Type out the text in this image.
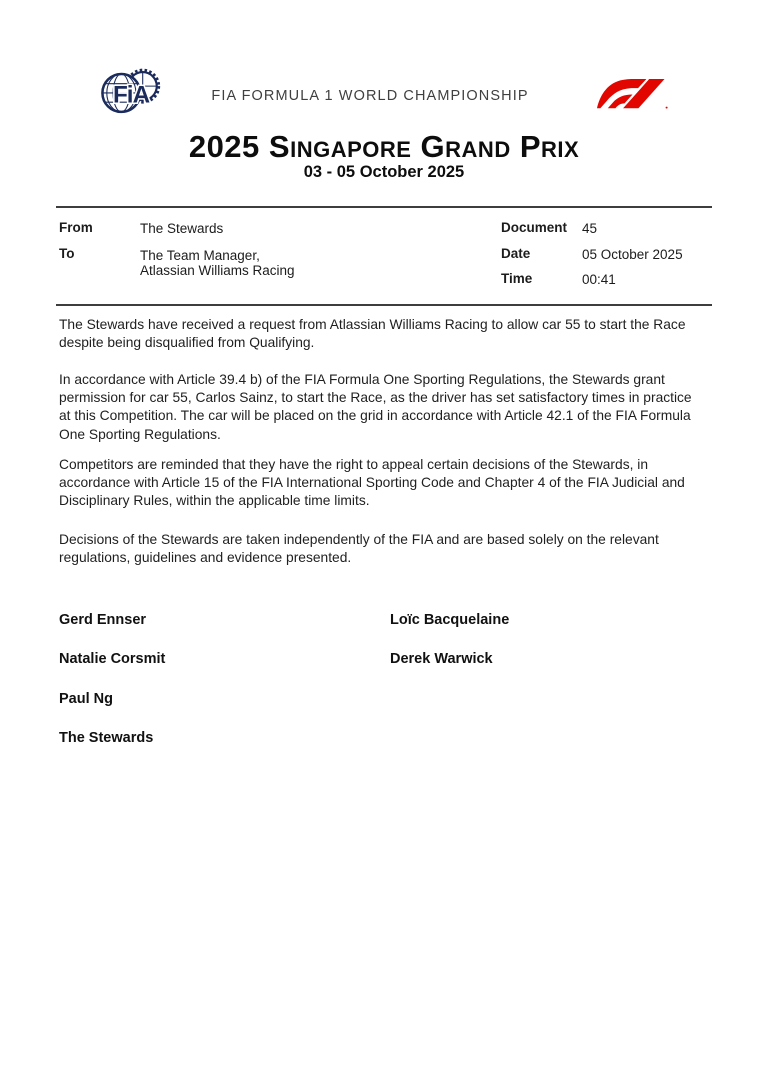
FiA	FIA FORMULA 1 WORLD CHAMPIONSHIP
2025 Singapore Grand Prix
03 - 05 October 2025
From	The Stewards
To	The Team Manager,
Atlassian Williams Racing
Document 45
Date	05 October 2025
Time	00:41
The Stewards have received a request from Atlassian Williams Racing to allow car 55 to start the Race despite being disqualified from Qualifying.
In accordance with Article 39.4 b) of the FIA Formula One Sporting Regulations, the Stewards grant permission for car 55, Carlos Sainz, to start the Race, as the driver has set satisfactory times in practice at this Competition. The car will be placed on the grid in accordance with Article 42.1 of the FIA Formula One Sporting Regulations.
Competitors are reminded that they have the right to appeal certain decisions of the Stewards, in accordance with Article 15 of the FIA International Sporting Code and Chapter 4 of the FIA Judicial and Disciplinary Rules, within the applicable time limits.
Decisions of the Stewards are taken independently of the FIA and are based solely on the relevant regulations, guidelines and evidence presented.
Gerd Ennser	Loïc Bacquelaine
Natalie Corsmit	Derek Warwick
Paul Ng
The Stewards
